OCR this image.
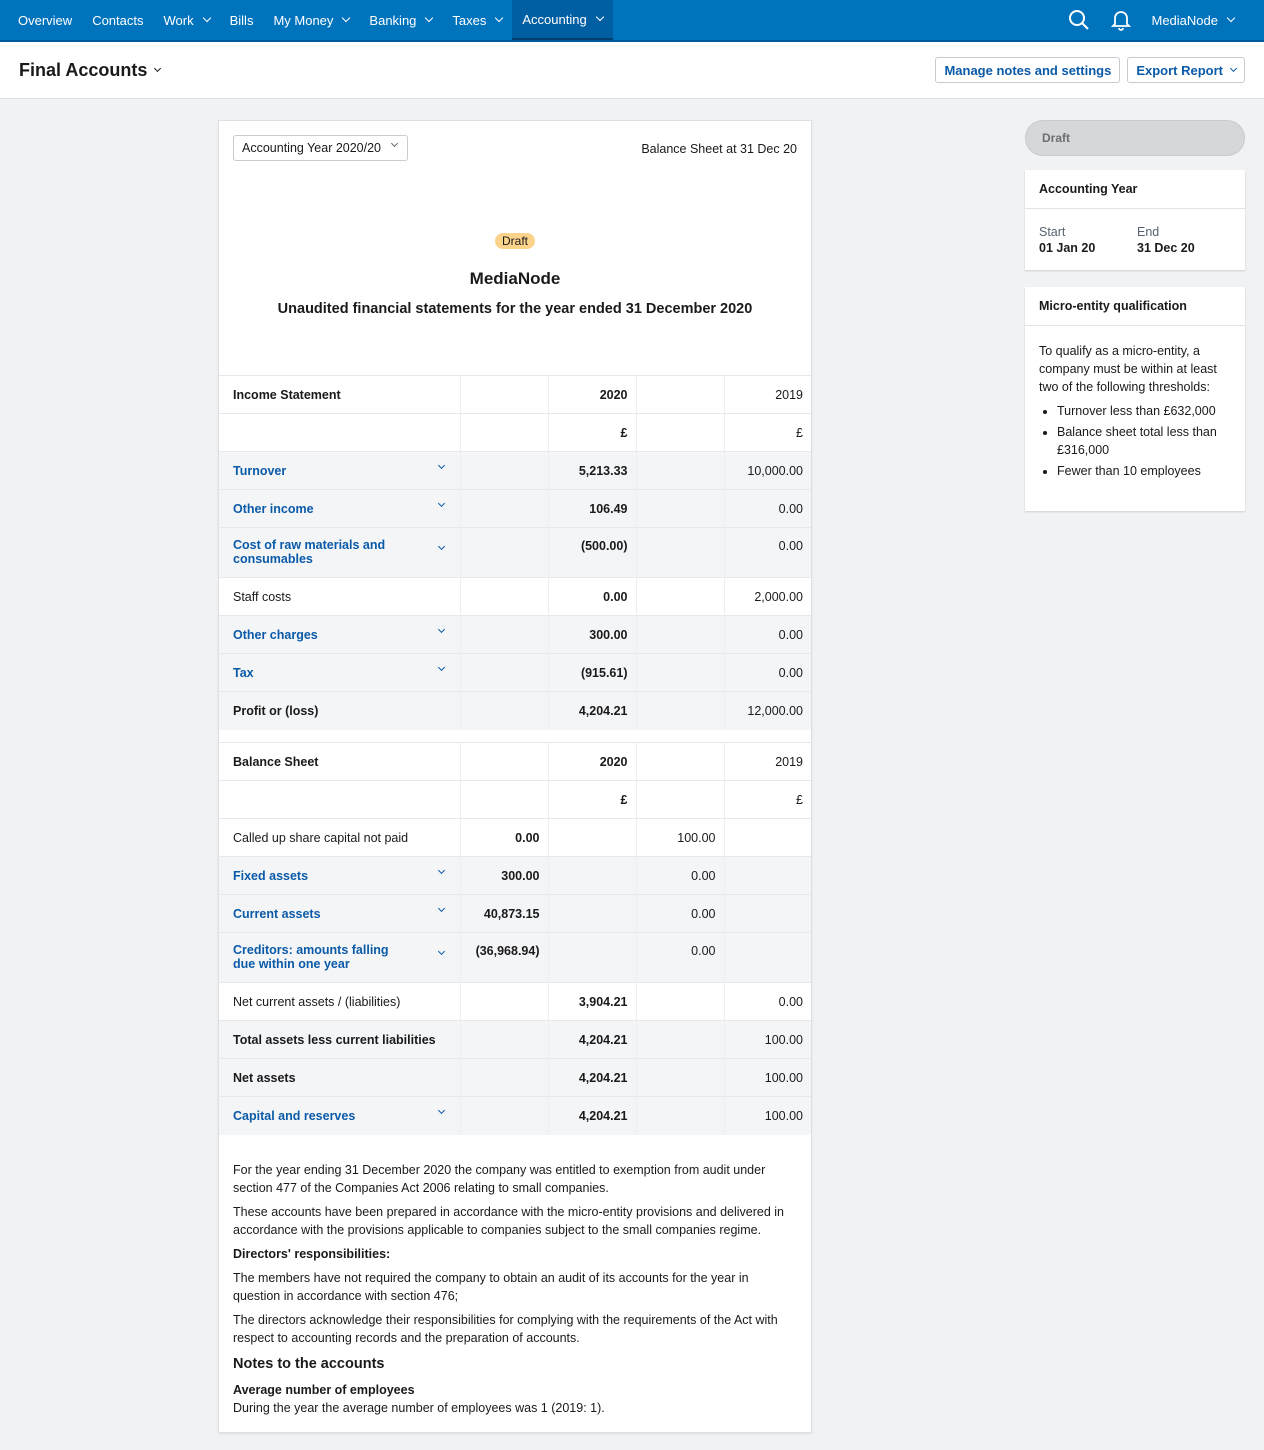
Overview Contacts Work	Bills My Money	Banking	Taxes	Accounting	MediaNode
Final Accounts	Manage notes and settings	Export Report
Accounting Year 2020/20	Balance Sheet at 31 Dec 20
Draft
MediaNode
Unaudited financial statements for the year ended 31 December 2020
Income Statement		2020		2019
		£		£

Turnover		5,213.33		10,000.00

Other income		106.49		0.00

Cost of raw materials and consumables		(500.00)		0.00
Staff costs		0.00		2,000.00

Other charges		300.00		0.00

Tax		(915.61)		0.00
Profit or (loss)		4,204.21		12,000.00
Balance Sheet		2020		2019
		£		£
Called up share capital not paid	0.00		100.00	

Fixed assets	300.00		0.00	

Current assets	40,873.15		0.00	

Creditors: amounts falling due within one year	(36,968.94)		0.00	
Net current assets / (liabilities)		3,904.21		0.00
Total assets less current liabilities		4,204.21		100.00
Net assets		4,204.21		100.00

Capital and reserves		4,204.21		100.00

For the year ending 31 December 2020 the company was entitled to exemption from audit under section 477 of the Companies Act 2006 relating to small companies.

These accounts have been prepared in accordance with the micro-entity provisions and delivered in accordance with the provisions applicable to companies subject to the small companies regime.

Directors' responsibilities:

The members have not required the company to obtain an audit of its accounts for the year in question in accordance with section 476;

The directors acknowledge their responsibilities for complying with the requirements of the Act with respect to accounting records and the preparation of accounts.

Notes to the accounts
Average number of employees
During the year the average number of employees was 1 (2019: 1).
Draft
Accounting Year
Start
01 Jan 20
End
31 Dec 20
Micro-entity qualification
To qualify as a micro-entity, a company must be within at least two of the following thresholds:
• Turnover less than £632,000
• Balance sheet total less than £316,000
• Fewer than 10 employees
